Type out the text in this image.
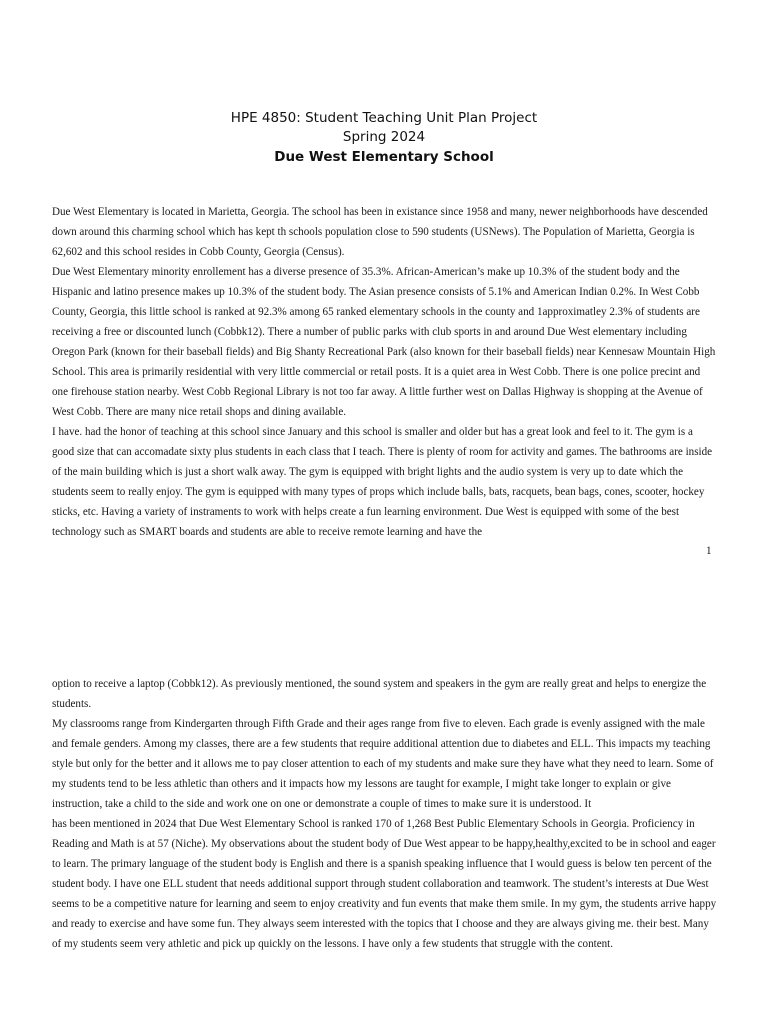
HPE 4850: Student Teaching Unit Plan Project
Spring 2024
Due West Elementary School

Due West Elementary is located in Marietta, Georgia. The school has been in existance since 1958 and many, newer neighborhoods have descended down around this charming school which has kept th schools population close to 590 students (USNews). The Population of Marietta, Georgia is 62,602 and this school resides in Cobb County, Georgia (Census).

Due West Elementary minority enrollement has a diverse presence of 35.3%. African-American’s make up 10.3% of the student body and the Hispanic and latino presence makes up 10.3% of the student body. The Asian presence consists of 5.1% and American Indian 0.2%. In West Cobb County, Georgia, this little school is ranked at 92.3% among 65 ranked elementary schools in the county and 1approximatley 2.3% of students are receiving a free or discounted lunch (Cobbk12). There a number of public parks with club sports in and around Due West elementary including Oregon Park (known for their baseball fields) and Big Shanty Recreational Park (also known for their baseball fields) near Kennesaw Mountain High School. This area is primarily residential with very little commercial or retail posts. It is a quiet area in West Cobb. There is one police precint and one firehouse station nearby. West Cobb Regional Library is not too far away. A little further west on Dallas Highway is shopping at the Avenue of West Cobb. There are many nice retail shops and dining available.

I have. had the honor of teaching at this school since January and this school is smaller and older but has a great look and feel to it. The gym is a good size that can accomadate sixty plus students in each class that I teach. There is plenty of room for activity and games. The bathrooms are inside of the main building which is just a short walk away. The gym is equipped with bright lights and the audio system is very up to date which the students seem to really enjoy. The gym is equipped with many types of props which include balls, bats, racquets, bean bags, cones, scooter, hockey sticks, etc. Having a variety of instraments to work with helps create a fun learning environment. Due West is equipped with some of the best technology such as SMART boards and students are able to receive remote learning and have the

1

option to receive a laptop (Cobbk12). As previously mentioned, the sound system and speakers in the gym are really great and helps to energize the students.

My classrooms range from Kindergarten through Fifth Grade and their ages range from five to eleven. Each grade is evenly assigned with the male and female genders. Among my classes, there are a few students that require additional attention due to diabetes and ELL. This impacts my teaching style but only for the better and it allows me to pay closer attention to each of my students and make sure they have what they need to learn. Some of my students tend to be less athletic than others and it impacts how my lessons are taught for example, I might take longer to explain or give instruction, take a child to the side and work one on one or demonstrate a couple of times to make sure it is understood. It

has been mentioned in 2024 that Due West Elementary School is ranked 170 of 1,268 Best Public Elementary Schools in Georgia. Proficiency in Reading and Math is at 57 (Niche). My observations about the student body of Due West appear to be happy,healthy,excited to be in school and eager to learn. The primary language of the student body is English and there is a spanish speaking influence that I would guess is below ten percent of the student body. I have one ELL student that needs additional support through student collaboration and teamwork. The student’s interests at Due West seems to be a competitive nature for learning and seem to enjoy creativity and fun events that make them smile. In my gym, the students arrive happy and ready to exercise and have some fun. They always seem interested with the topics that I choose and they are always giving me. their best. Many of my students seem very athletic and pick up quickly on the lessons. I have only a few students that struggle with the content.
